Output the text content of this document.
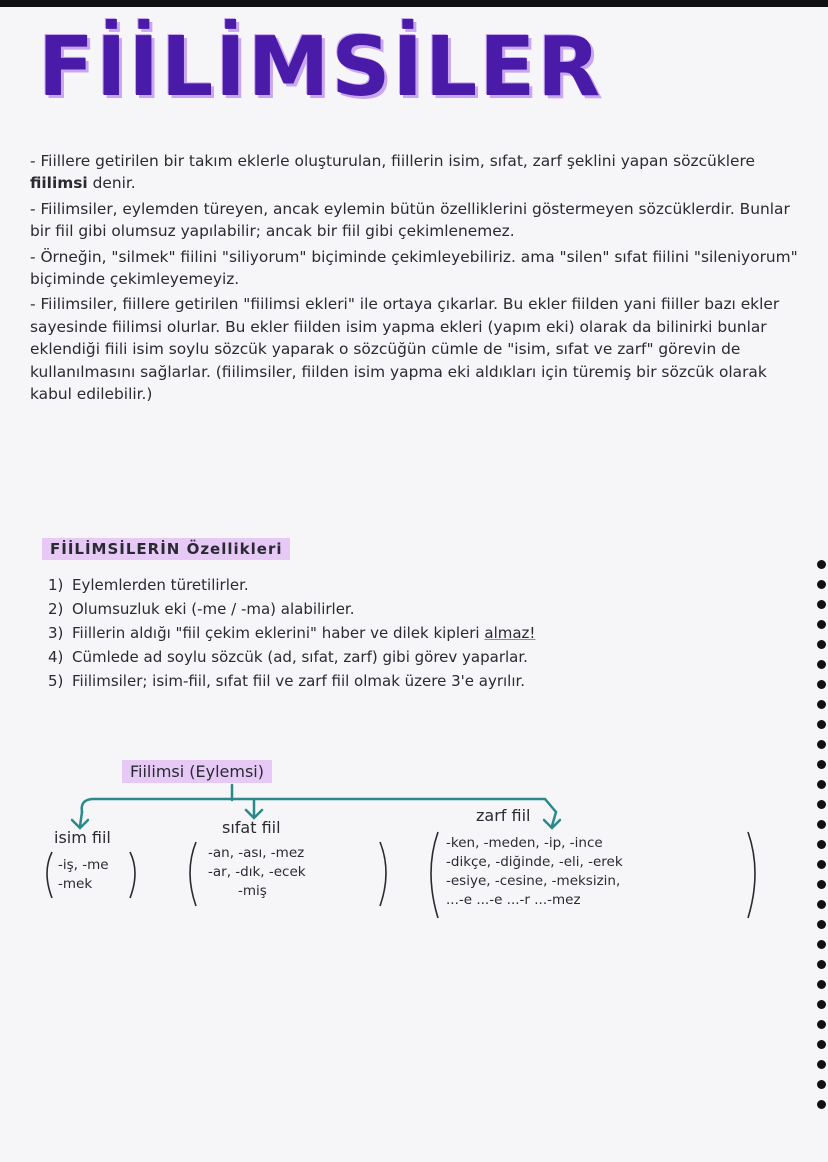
FİİLİMSİLER

- Fiillere getirilen bir takım eklerle oluşturulan, fiillerin isim, sıfat, zarf şeklini yapan sözcüklere fiilimsi denir.

- Fiilimsiler, eylemden türeyen, ancak eylemin bütün özelliklerini göstermeyen sözcüklerdir. Bunlar bir fiil gibi olumsuz yapılabilir; ancak bir fiil gibi çekimlenemez.

- Örneğin, "silmek" fiilini "siliyorum" biçiminde çekimleyebiliriz. ama "silen" sıfat fiilini "sileniyorum" biçiminde çekimleyemeyiz.

- Fiilimsiler, fiillere getirilen "fiilimsi ekleri" ile ortaya çıkarlar. Bu ekler fiilden yani fiiller bazı ekler sayesinde fiilimsi olurlar. Bu ekler fiilden isim yapma ekleri (yapım eki) olarak da bilinirki bunlar eklendiği fiili isim soylu sözcük yaparak o sözcüğün cümle de "isim, sıfat ve zarf" görevin de kullanılmasını sağlarlar. (fiilimsiler, fiilden isim yapma eki aldıkları için türemiş bir sözcük olarak kabul edilebilir.)

FİİLİMSİLERİN Özellikleri
1) Eylemlerden türetilirler.
2) Olumsuzluk eki (-me / -ma) alabilirler.
3) Fiillerin aldığı "fiil çekim eklerini" haber ve dilek kipleri almaz!
4) Cümlede ad soylu sözcük (ad, sıfat, zarf) gibi görev yaparlar.
5) Fiilimsiler; isim-fiil, sıfat fiil ve zarf fiil olmak üzere 3'e ayrılır.
Fiilimsi (Eylemsi)
isim fiil
-iş, -me
-mek
sıfat fiil
-an, -ası, -mez
-ar, -dık, -ecek
-miş
zarf fiil
-ken, -meden, -ip, -ince
-dikçe, -diğinde, -eli, -erek
-esiye, -cesine, -meksizin,
...-e ...-e ...-r ...-mez
